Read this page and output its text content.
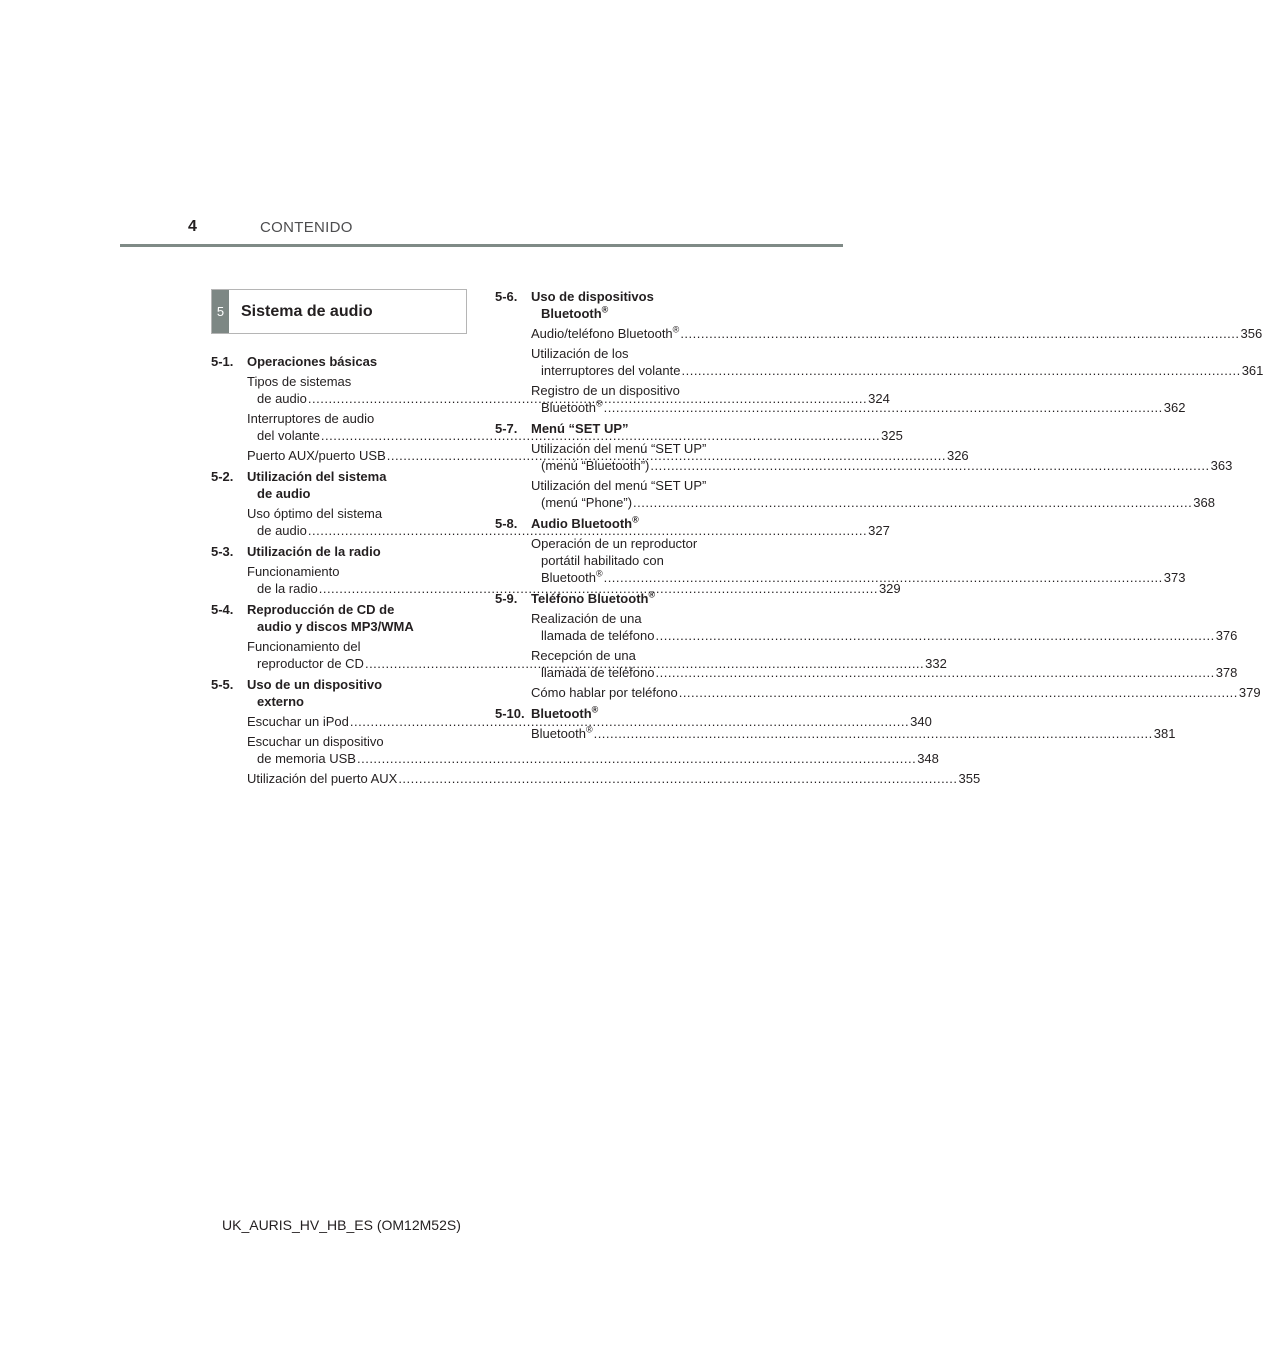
4	CONTENIDO
5	Sistema de audio
5-1.	Operaciones básicas
Tipos de sistemas
de audio .....	324
Interruptores de audio
del volante .....	325
Puerto AUX/puerto USB .....	326
5-2.	Utilización del sistema
de audio
Uso óptimo del sistema
de audio .....	327
5-3.	Utilización de la radio
Funcionamiento
de la radio .....	329
5-4.	Reproducción de CD de
audio y discos MP3/WMA
Funcionamiento del
reproductor de CD .....	332
5-5.	Uso de un dispositivo
externo
Escuchar un iPod .....	340
Escuchar un dispositivo
de memoria USB .....	348
Utilización del puerto AUX .....	355
5-6.	Uso de dispositivos
Bluetooth®
Audio/teléfono Bluetooth® .....	356
Utilización de los
interruptores del volante .....	361
Registro de un dispositivo
Bluetooth® .....	362
5-7.	Menú “SET UP”
Utilización del menú “SET UP”
(menú “Bluetooth”) .....	363
Utilización del menú “SET UP”
(menú “Phone”) .....	368
5-8.	Audio Bluetooth®
Operación de un reproductor
portátil habilitado con
Bluetooth® .....	373
5-9.	Teléfono Bluetooth®
Realización de una
llamada de teléfono .....	376
Recepción de una
llamada de teléfono .....	378
Cómo hablar por teléfono .....	379
5-10. Bluetooth®
Bluetooth® .....	381
UK_AURIS_HV_HB_ES (OM12M52S)
